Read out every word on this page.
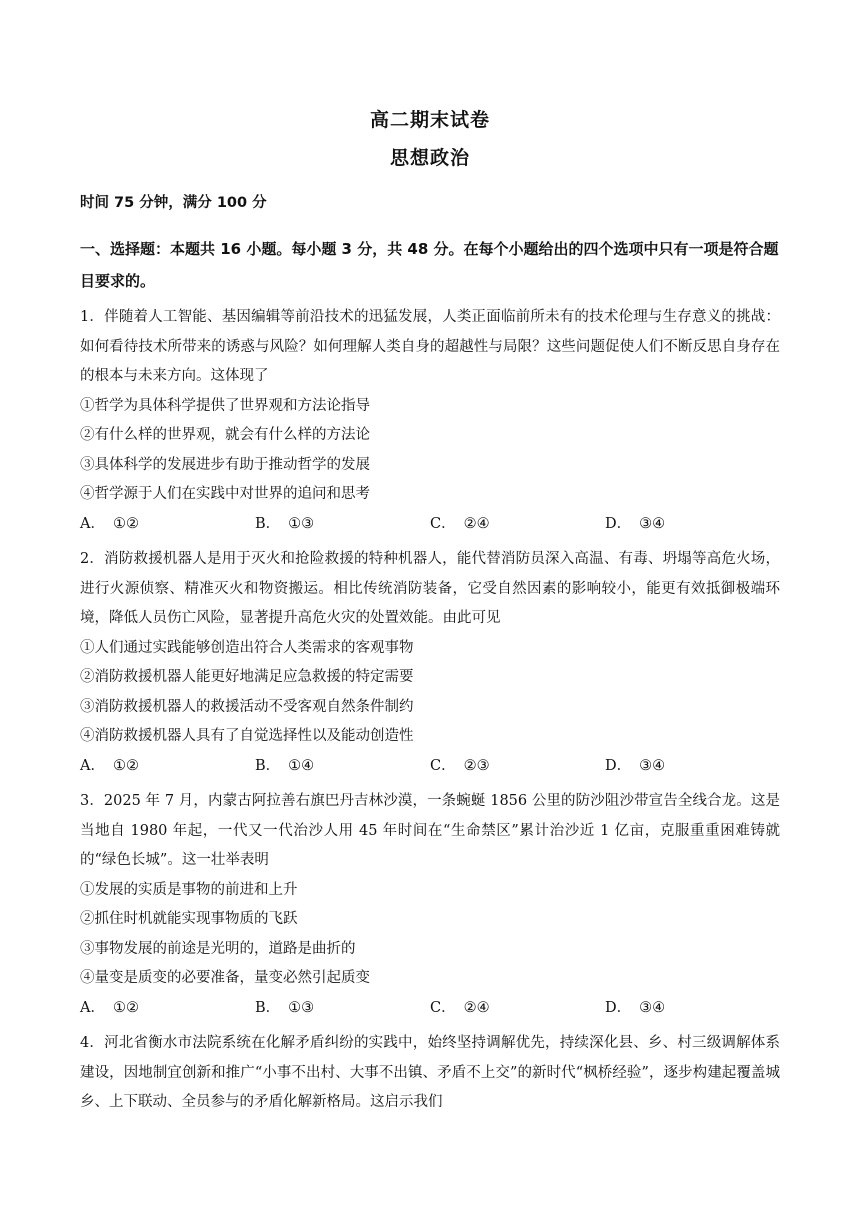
高二期末试卷
思想政治
时间 75 分钟，满分 100 分
一、选择题：本题共 16 小题。每小题 3 分，共 48 分。在每个小题给出的四个选项中只有一项是符合题目要求的。
1．伴随着人工智能、基因编辑等前沿技术的迅猛发展，人类正面临前所未有的技术伦理与生存意义的挑战：如何看待技术所带来的诱惑与风险？如何理解人类自身的超越性与局限？这些问题促使人们不断反思自身存在的根本与未来方向。这体现了
①哲学为具体科学提供了世界观和方法论指导
②有什么样的世界观，就会有什么样的方法论
③具体科学的发展进步有助于推动哲学的发展
④哲学源于人们在实践中对世界的追问和思考
A． ①②	B． ①③	C． ②④	D． ③④
2．消防救援机器人是用于灭火和抢险救援的特种机器人，能代替消防员深入高温、有毒、坍塌等高危火场，进行火源侦察、精准灭火和物资搬运。相比传统消防装备，它受自然因素的影响较小，能更有效抵御极端环境，降低人员伤亡风险，显著提升高危火灾的处置效能。由此可见
①人们通过实践能够创造出符合人类需求的客观事物
②消防救援机器人能更好地满足应急救援的特定需要
③消防救援机器人的救援活动不受客观自然条件制约
④消防救援机器人具有了自觉选择性以及能动创造性
A． ①②	B． ①④	C． ②③	D． ③④
3．2025 年 7 月，内蒙古阿拉善右旗巴丹吉林沙漠，一条蜿蜒 1856 公里的防沙阻沙带宣告全线合龙。这是当地自 1980 年起，一代又一代治沙人用 45 年时间在“生命禁区”累计治沙近 1 亿亩，克服重重困难铸就的“绿色长城”。这一壮举表明
①发展的实质是事物的前进和上升
②抓住时机就能实现事物质的飞跃
③事物发展的前途是光明的，道路是曲折的
④量变是质变的必要准备，量变必然引起质变
A． ①②	B． ①③	C． ②④	D． ③④
4．河北省衡水市法院系统在化解矛盾纠纷的实践中，始终坚持调解优先，持续深化县、乡、村三级调解体系建设，因地制宜创新和推广“小事不出村、大事不出镇、矛盾不上交”的新时代“枫桥经验”，逐步构建起覆盖城乡、上下联动、全员参与的矛盾化解新格局。这启示我们
